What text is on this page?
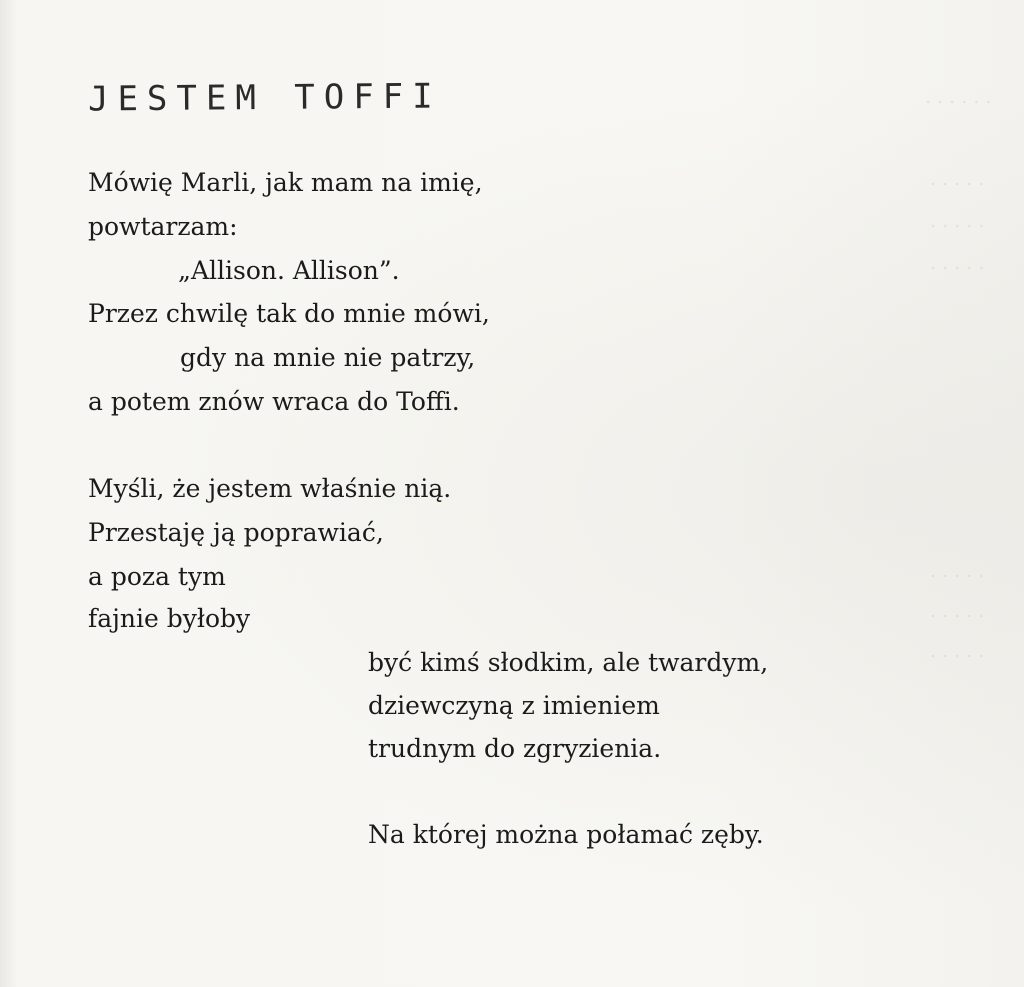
. . . . . .
. . . . .
. . . . .
. . . . .
. . . . .
. . . . .
. . . . .
JESTEM TOFFI
Mówię Marli, jak mam na imię,
powtarzam:
„Allison. Allison”.
Przez chwilę tak do mnie mówi,
gdy na mnie nie patrzy,
a potem znów wraca do Toffi.
Myśli, że jestem właśnie nią.
Przestaję ją poprawiać,
a poza tym
fajnie byłoby
być kimś słodkim, ale twardym,
dziewczyną z imieniem
trudnym do zgryzienia.
Na której można połamać zęby.
